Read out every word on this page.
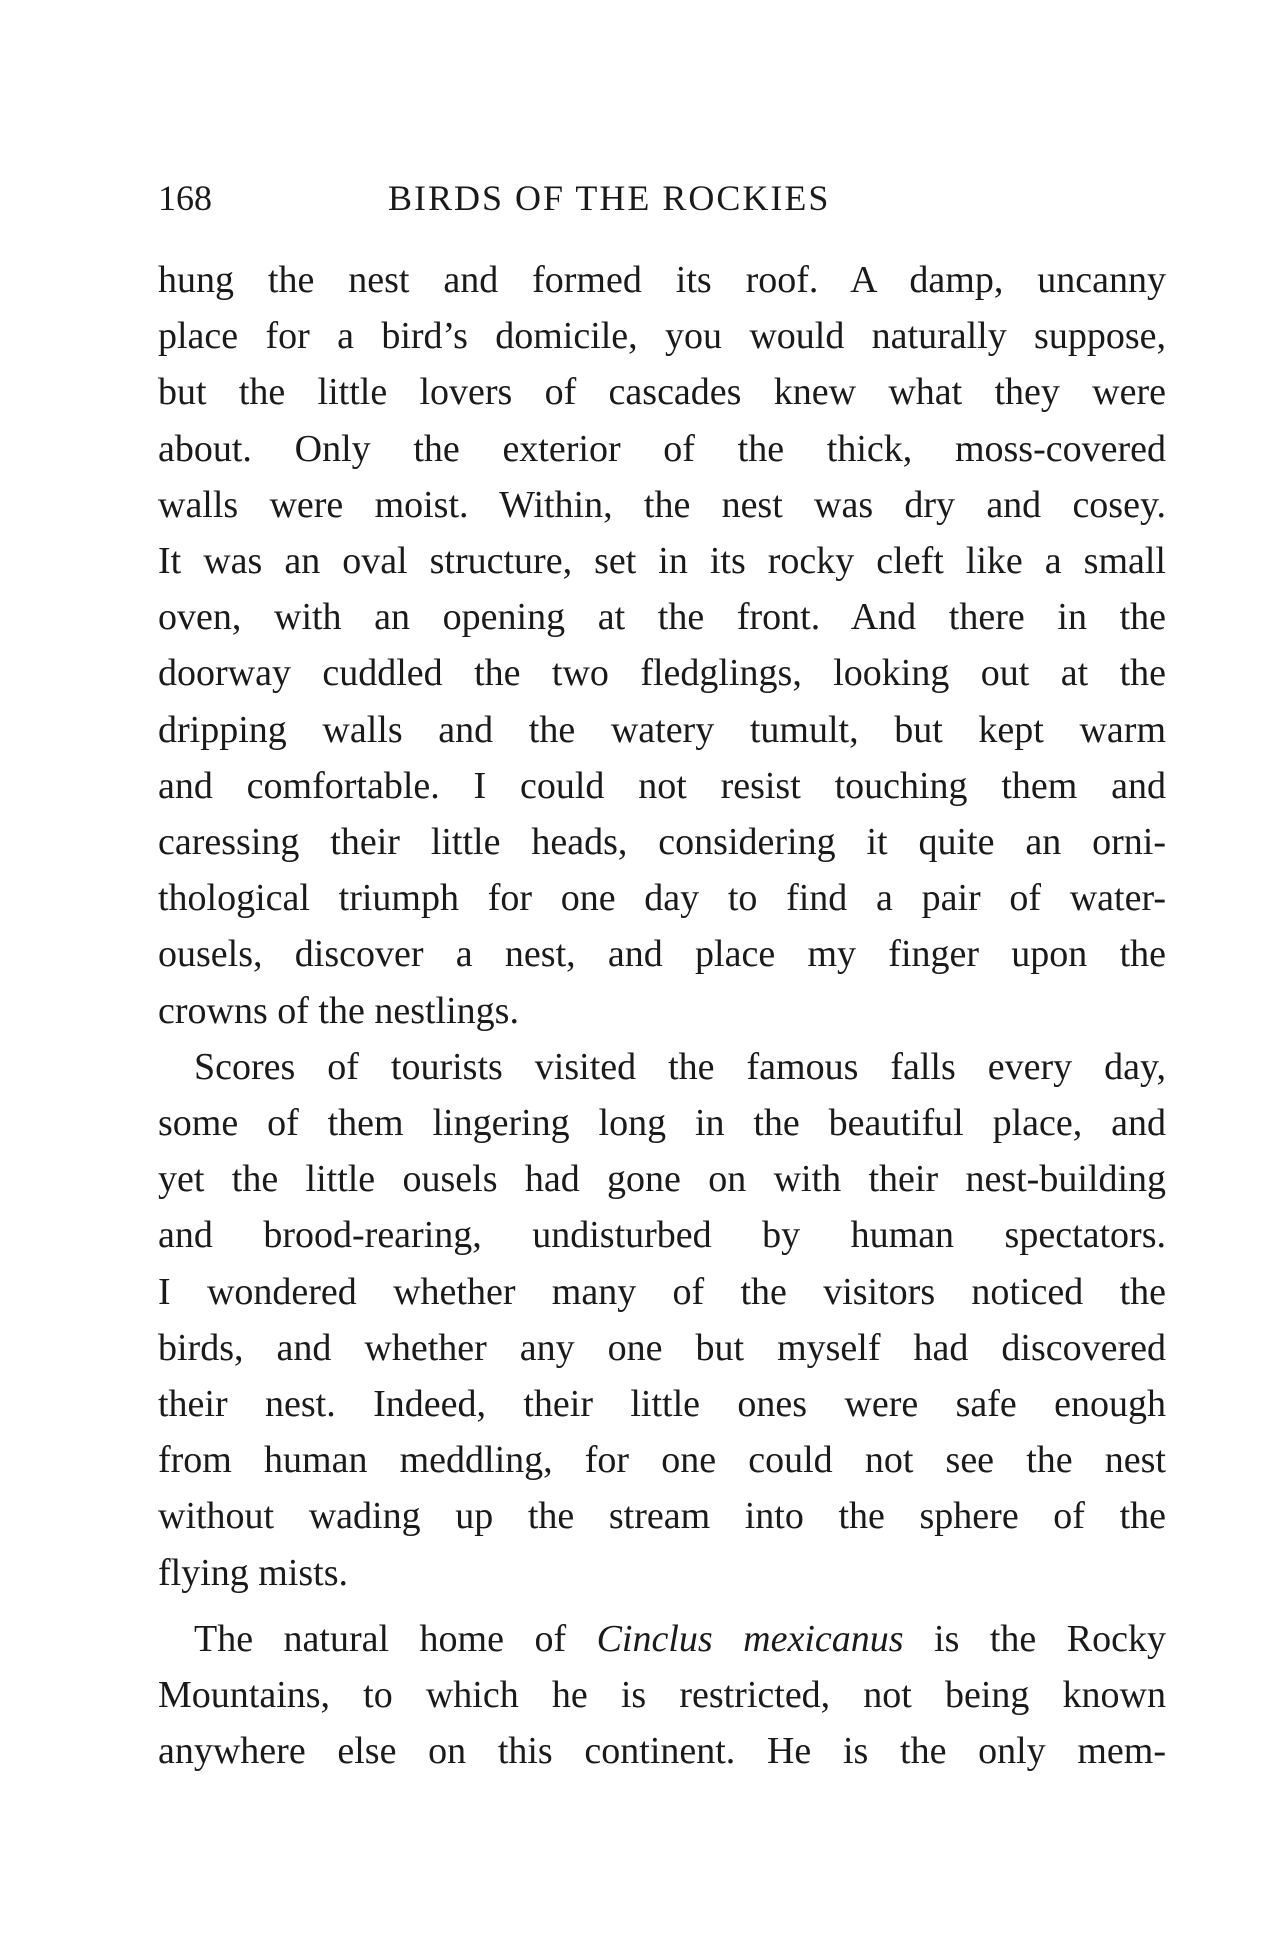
168	BIRDS OF THE ROCKIES

hung the nest and formed its roof. A damp, uncanny
place for a bird’s domicile, you would naturally suppose,
but the little lovers of cascades knew what they were
about. Only the exterior of the thick, moss-covered
walls were moist. Within, the nest was dry and cosey.
It was an oval structure, set in its rocky cleft like a small
oven, with an opening at the front. And there in the
doorway cuddled the two fledglings, looking out at the
dripping walls and the watery tumult, but kept warm
and comfortable. I could not resist touching them and
caressing their little heads, considering it quite an orni-
thological triumph for one day to find a pair of water-
ousels, discover a nest, and place my finger upon the
crowns of the nestlings.

Scores of tourists visited the famous falls every day,
some of them lingering long in the beautiful place, and
yet the little ousels had gone on with their nest-building
and brood-rearing, undisturbed by human spectators.
I wondered whether many of the visitors noticed the
birds, and whether any one but myself had discovered
their nest. Indeed, their little ones were safe enough
from human meddling, for one could not see the nest
without wading up the stream into the sphere of the
flying mists.

The natural home of Cinclus mexicanus is the Rocky
Mountains, to which he is restricted, not being known
anywhere else on this continent. He is the only mem-
